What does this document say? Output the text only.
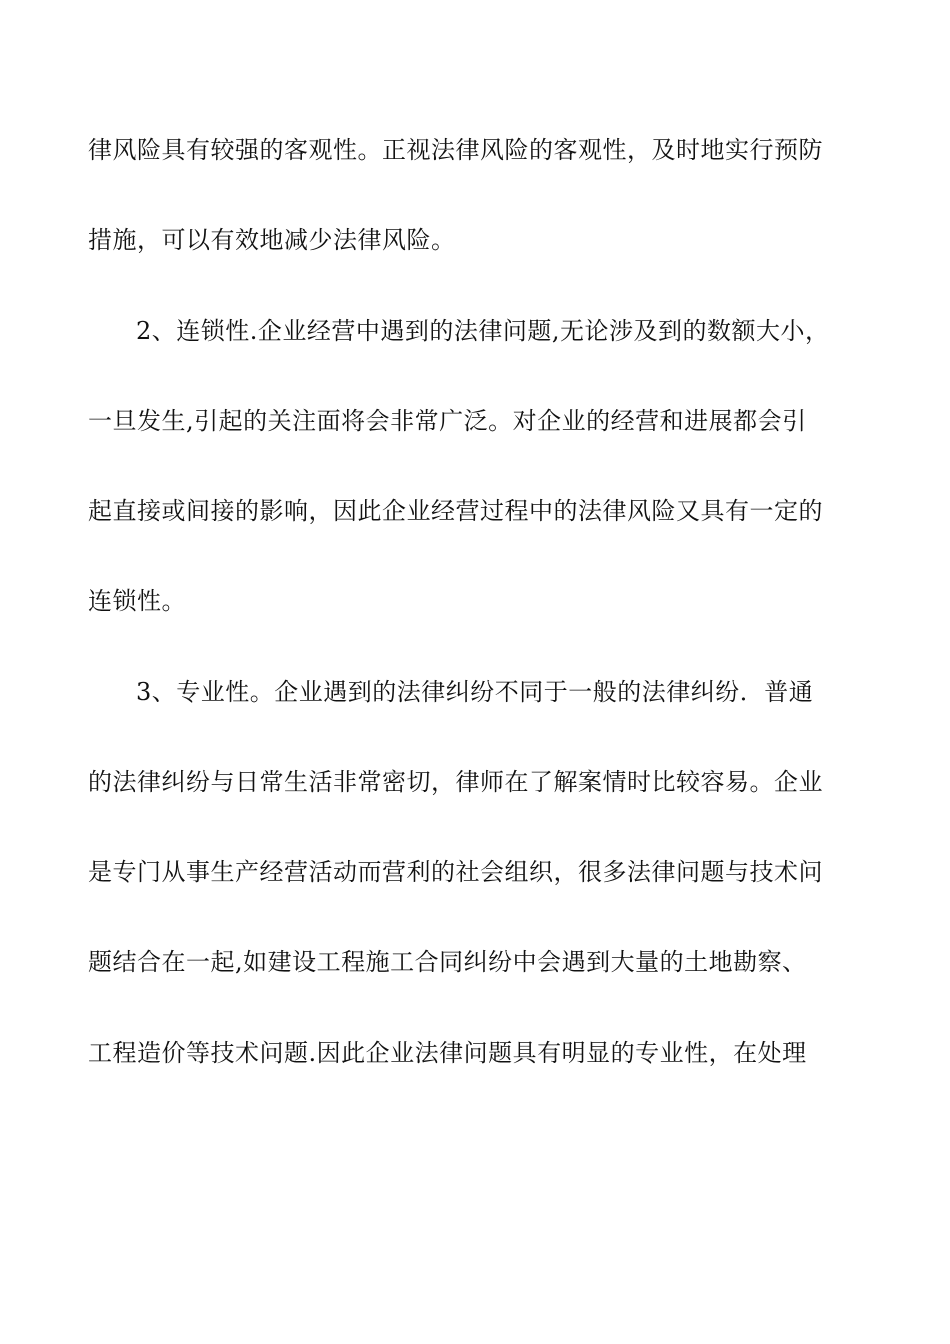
律风险具有较强的客观性。正视法律风险的客观性，及时地实行预防
措施，可以有效地减少法律风险。
2、连锁性.企业经营中遇到的法律问题,无论涉及到的数额大小，
一旦发生,引起的关注面将会非常广泛。对企业的经营和进展都会引
起直接或间接的影响，因此企业经营过程中的法律风险又具有一定的
连锁性。
3、专业性。企业遇到的法律纠纷不同于一般的法律纠纷．普通
的法律纠纷与日常生活非常密切，律师在了解案情时比较容易。企业
是专门从事生产经营活动而营利的社会组织，很多法律问题与技术问
题结合在一起,如建设工程施工合同纠纷中会遇到大量的土地勘察、
工程造价等技术问题.因此企业法律问题具有明显的专业性，在处理
